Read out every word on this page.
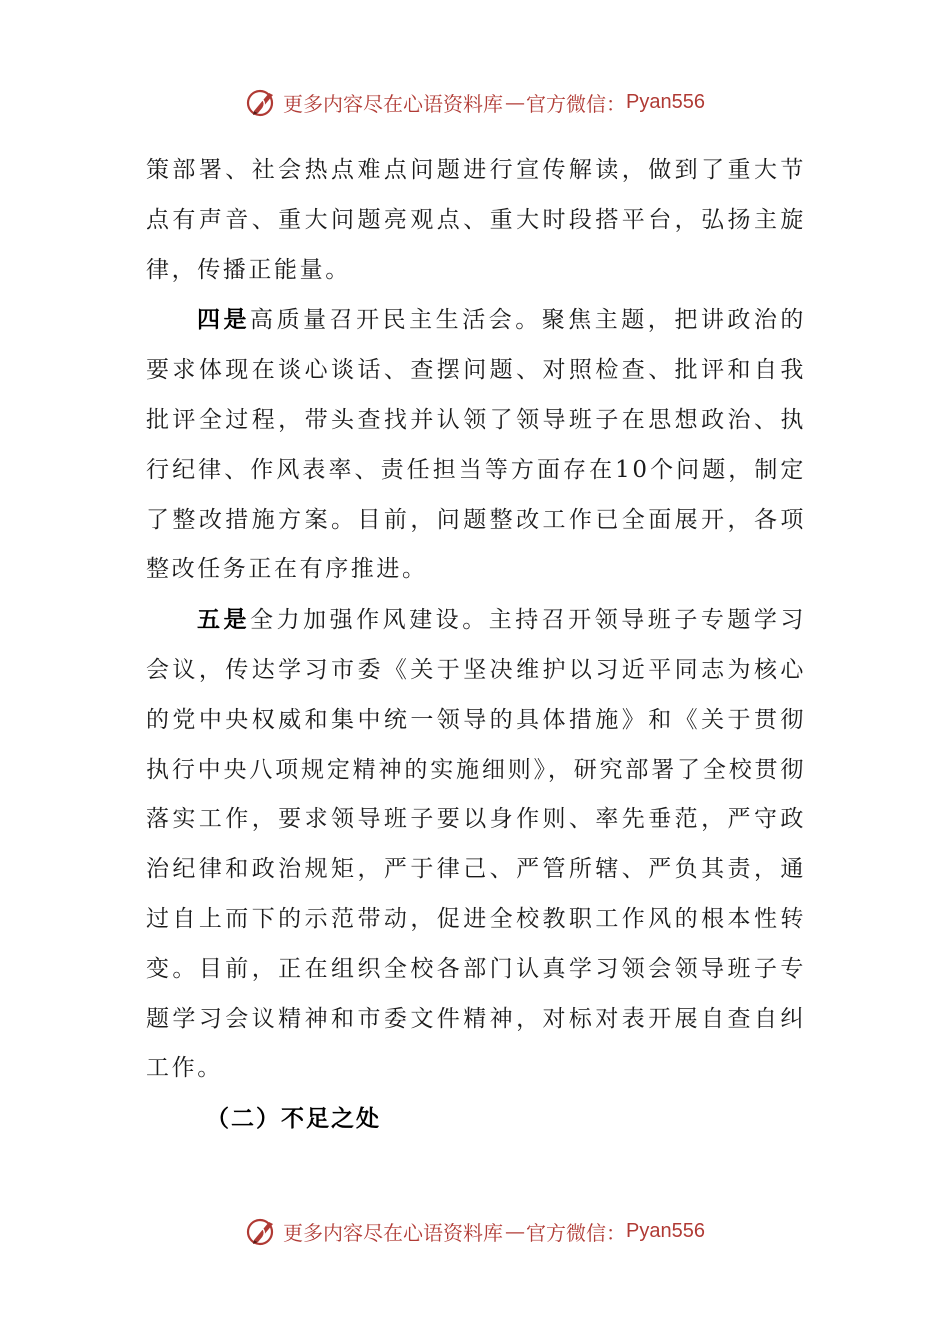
更多内容尽在心语资料库 — 官方微信： Pyan556

策部署、社会热点难点问题进行宣传解读，做到了重大节点有声音、重大问题亮观点、重大时段搭平台，弘扬主旋律，传播正能量。

四是高质量召开民主生活会。聚焦主题，把讲政治的要求体现在谈心谈话、查摆问题、对照检查、批评和自我批评全过程，带头查找并认领了领导班子在思想政治、执行纪律、作风表率、责任担当等方面存在10个问题，制定了整改措施方案。目前，问题整改工作已全面展开，各项整改任务正在有序推进。

五是全力加强作风建设。主持召开领导班子专题学习会议，传达学习市委《关于坚决维护以习近平同志为核心的党中央权威和集中统一领导的具体措施》和《关于贯彻执行中央八项规定精神的实施细则》，研究部署了全校贯彻落实工作，要求领导班子要以身作则、率先垂范，严守政治纪律和政治规矩，严于律己、严管所辖、严负其责，通过自上而下的示范带动，促进全校教职工作风的根本性转变。目前，正在组织全校各部门认真学习领会领导班子专题学习会议精神和市委文件精神，对标对表开展自查自纠工作。

（二）不足之处

更多内容尽在心语资料库 — 官方微信： Pyan556
